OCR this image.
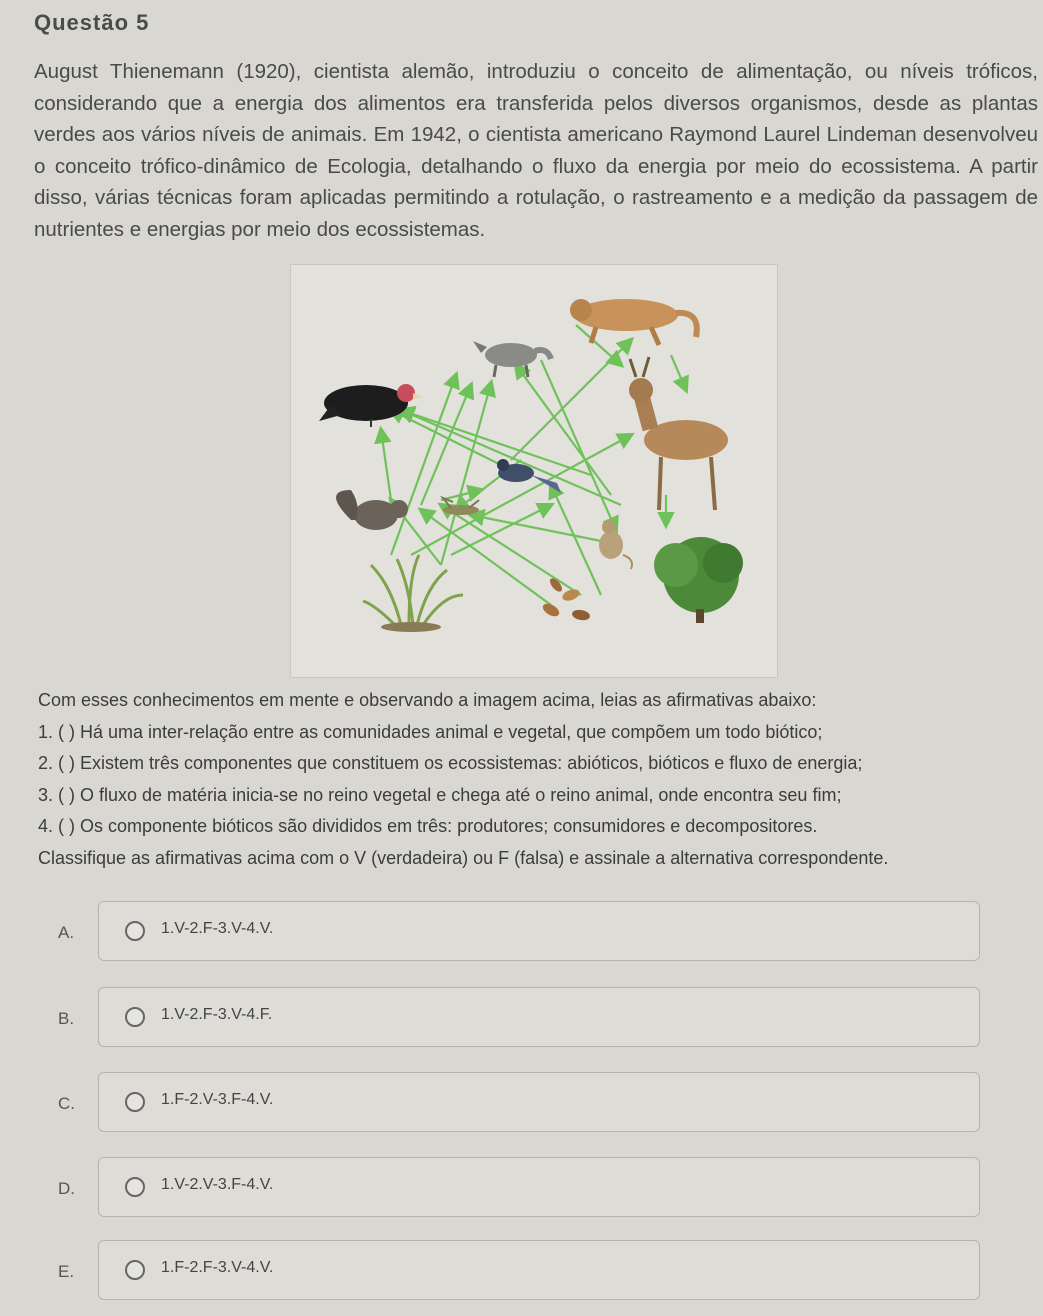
Questão 5

August Thienemann (1920), cientista alemão, introduziu o conceito de alimentação, ou níveis tróficos, considerando que a energia dos alimentos era transferida pelos diversos organismos, desde as plantas verdes aos vários níveis de animais. Em 1942, o cientista americano Raymond Laurel Lindeman desenvolveu o conceito trófico-dinâmico de Ecologia, detalhando o fluxo da energia por meio do ecossistema. A partir disso, várias técnicas foram aplicadas permitindo a rotulação, o rastreamento e a medição da passagem de nutrientes e energias por meio dos ecossistemas.

Com esses conhecimentos em mente e observando a imagem acima, leias as afirmativas abaixo:

1. ( ) Há uma inter-relação entre as comunidades animal e vegetal, que compõem um todo biótico;

2. ( ) Existem três componentes que constituem os ecossistemas: abióticos, bióticos e fluxo de energia;

3. ( ) O fluxo de matéria inicia-se no reino vegetal e chega até o reino animal, onde encontra seu fim;

4. ( ) Os componente bióticos são divididos em três: produtores; consumidores e decompositores.

Classifique as afirmativas acima com o V (verdadeira) ou F (falsa) e assinale a alternativa correspondente.

A.	1.V-2.F-3.V-4.V.
B.	1.V-2.F-3.V-4.F.
C.	1.F-2.V-3.F-4.V.
D.	1.V-2.V-3.F-4.V.
E.	1.F-2.F-3.V-4.V.
